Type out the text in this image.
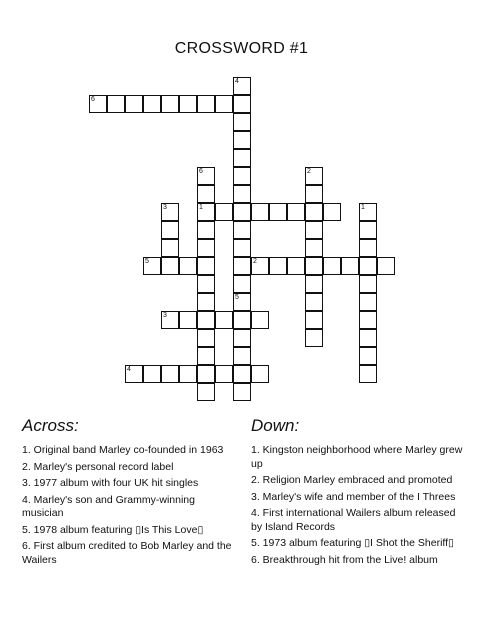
CROSSWORD #1
6
4
6	2
3	1	1
5	2
5
3
4
Across:

1. Original band Marley co-founded in 1963

2. Marley's personal record label

3. 1977 album with four UK hit singles

4. Marley's son and Grammy-winning musician

5. 1978 album featuring ▯Is This Love▯

6. First album credited to Bob Marley and the Wailers

Down:

1. Kingston neighborhood where Marley grew up

2. Religion Marley embraced and promoted

3. Marley's wife and member of the I Threes

4. First international Wailers album released by Island Records

5. 1973 album featuring ▯I Shot the Sheriff▯

6. Breakthrough hit from the Live! album
